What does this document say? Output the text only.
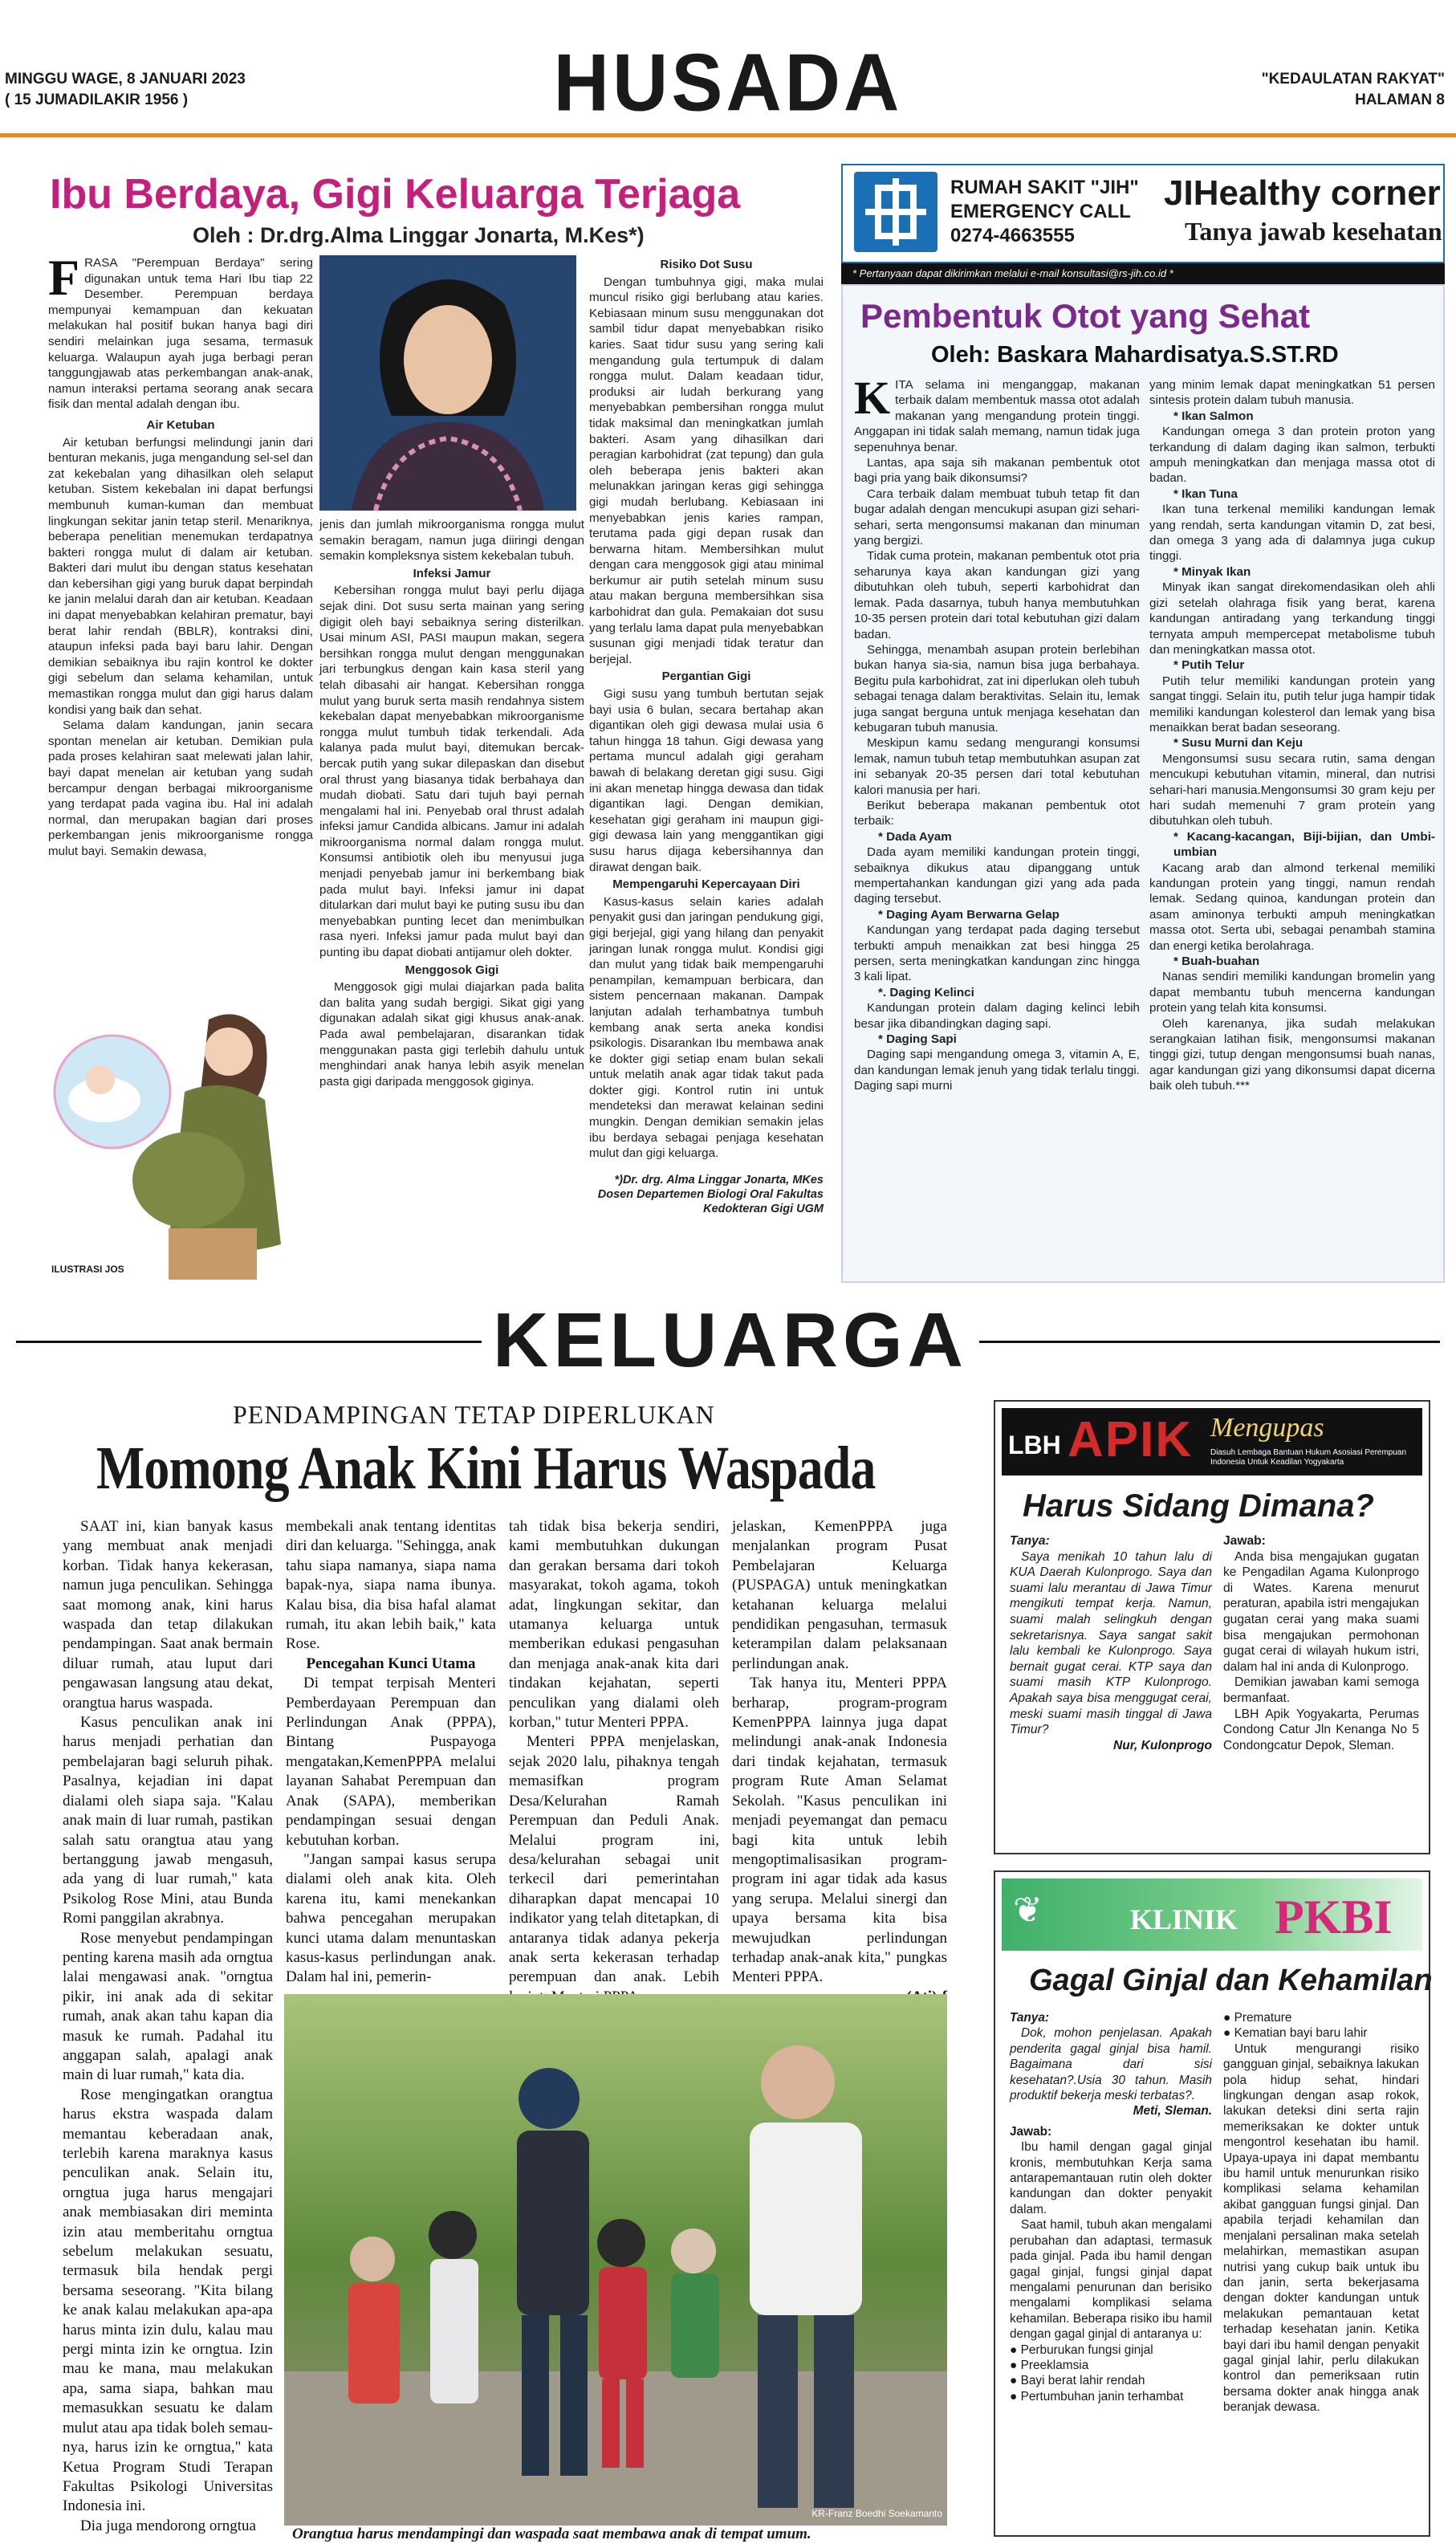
MINGGU WAGE, 8 JANUARI 2023
( 15 JUMADILAKIR 1956 )	HUSADA	"KEDAULATAN RAKYAT"
HALAMAN 8
Ibu Berdaya, Gigi Keluarga Terjaga
Oleh : Dr.drg.Alma Linggar Jonarta, M.Kes*)
F RASA "Perempuan Berdaya" sering digunakan untuk tema Hari Ibu tiap 22 Desember. Perempuan berdaya mempunyai kemampuan dan kekuatan melakukan hal positif bukan hanya bagi diri sendiri melainkan juga sesama, termasuk keluarga. Walaupun ayah juga berbagi peran tanggungjawab atas perkembangan anak-anak, namun interaksi pertama seorang anak secara fisik dan mental adalah dengan ibu.

Air Ketuban

Air ketuban berfungsi melindungi janin dari benturan mekanis, juga mengandung sel-sel dan zat kekebalan yang dihasilkan oleh selaput ketuban. Sistem kekebalan ini dapat berfungsi membunuh kuman-kuman dan membuat lingkungan sekitar janin tetap steril. Menariknya, beberapa penelitian menemukan terdapatnya bakteri rongga mulut di dalam air ketuban. Bakteri dari mulut ibu dengan status kesehatan dan kebersihan gigi yang buruk dapat berpindah ke janin melalui darah dan air ketuban. Keadaan ini dapat menyebabkan kelahiran prematur, bayi berat lahir rendah (BBLR), kontraksi dini, ataupun infeksi pada bayi baru lahir. Dengan demikian sebaiknya ibu rajin kontrol ke dokter gigi sebelum dan selama kehamilan, untuk memastikan rongga mulut dan gigi harus dalam kondisi yang baik dan sehat.

Selama dalam kandungan, janin secara spontan menelan air ketuban. Demikian pula pada proses kelahiran saat melewati jalan lahir, bayi dapat menelan air ketuban yang sudah bercampur dengan berbagai mikroorganisme yang terdapat pada vagina ibu. Hal ini adalah normal, dan merupakan bagian dari proses perkembangan jenis mikroorganisme rongga mulut bayi. Semakin dewasa,

ILUSTRASI JOS

jenis dan jumlah mikroorganisma rongga mulut semakin beragam, namun juga diiringi dengan semakin kompleksnya sistem kekebalan tubuh.

Infeksi Jamur

Kebersihan rongga mulut bayi perlu dijaga sejak dini. Dot susu serta mainan yang sering digigit oleh bayi sebaiknya sering disterilkan. Usai minum ASI, PASI maupun makan, segera bersihkan rongga mulut dengan menggunakan jari terbungkus dengan kain kasa steril yang telah dibasahi air hangat. Kebersihan rongga mulut yang buruk serta masih rendahnya sistem kekebalan dapat menyebabkan mikroorganisme rongga mulut tumbuh tidak terkendali. Ada kalanya pada mulut bayi, ditemukan bercak-bercak putih yang sukar dilepaskan dan disebut oral thrust yang biasanya tidak berbahaya dan mudah diobati. Satu dari tujuh bayi pernah mengalami hal ini. Penyebab oral thrust adalah infeksi jamur Candida albicans. Jamur ini adalah mikroorganisma normal dalam rongga mulut. Konsumsi antibiotik oleh ibu menyusui juga menjadi penyebab jamur ini berkembang biak pada mulut bayi. Infeksi jamur ini dapat ditularkan dari mulut bayi ke puting susu ibu dan menyebabkan punting lecet dan menimbulkan rasa nyeri. Infeksi jamur pada mulut bayi dan punting ibu dapat diobati antijamur oleh dokter.

Menggosok Gigi

Menggosok gigi mulai diajarkan pada balita dan balita yang sudah bergigi. Sikat gigi yang digunakan adalah sikat gigi khusus anak-anak. Pada awal pembelajaran, disarankan tidak menggunakan pasta gigi terlebih dahulu untuk menghindari anak hanya lebih asyik menelan pasta gigi daripada menggosok giginya.

Risiko Dot Susu

Dengan tumbuhnya gigi, maka mulai muncul risiko gigi berlubang atau karies. Kebiasaan minum susu menggunakan dot sambil tidur dapat menyebabkan risiko karies. Saat tidur susu yang sering kali mengandung gula tertumpuk di dalam rongga mulut. Dalam keadaan tidur, produksi air ludah berkurang yang menyebabkan pembersihan rongga mulut tidak maksimal dan meningkatkan jumlah bakteri. Asam yang dihasilkan dari peragian karbohidrat (zat tepung) dan gula oleh beberapa jenis bakteri akan melunakkan jaringan keras gigi sehingga gigi mudah berlubang. Kebiasaan ini menyebabkan jenis karies rampan, terutama pada gigi depan rusak dan berwarna hitam. Membersihkan mulut dengan cara menggosok gigi atau minimal berkumur air putih setelah minum susu atau makan berguna membersihkan sisa karbohidrat dan gula. Pemakaian dot susu yang terlalu lama dapat pula menyebabkan susunan gigi menjadi tidak teratur dan berjejal.

Pergantian Gigi

Gigi susu yang tumbuh bertutan sejak bayi usia 6 bulan, secara bertahap akan digantikan oleh gigi dewasa mulai usia 6 tahun hingga 18 tahun. Gigi dewasa yang pertama muncul adalah gigi geraham bawah di belakang deretan gigi susu. Gigi ini akan menetap hingga dewasa dan tidak digantikan lagi. Dengan demikian, kesehatan gigi geraham ini maupun gigi-gigi dewasa lain yang menggantikan gigi susu harus dijaga kebersihannya dan dirawat dengan baik.

Mempengaruhi Kepercayaan Diri

Kasus-kasus selain karies adalah penyakit gusi dan jaringan pendukung gigi, gigi berjejal, gigi yang hilang dan penyakit jaringan lunak rongga mulut. Kondisi gigi dan mulut yang tidak baik mempengaruhi penampilan, kemampuan berbicara, dan sistem pencernaan makanan. Dampak lanjutan adalah terhambatnya tumbuh kembang anak serta aneka kondisi psikologis. Disarankan Ibu membawa anak ke dokter gigi setiap enam bulan sekali untuk melatih anak agar tidak takut pada dokter gigi. Kontrol rutin ini untuk mendeteksi dan merawat kelainan sedini mungkin. Dengan demikian semakin jelas ibu berdaya sebagai penjaga kesehatan mulut dan gigi keluarga.

*)Dr. drg. Alma Linggar Jonarta, MKes Dosen Departemen Biologi Oral Fakultas Kedokteran Gigi UGM

RUMAH SAKIT "JIH"
EMERGENCY CALL
0274-4663555
JIHealthy corner
Tanya jawab kesehatan
* Pertanyaan dapat dikirimkan melalui e-mail konsultasi@rs-jih.co.id *
Pembentuk Otot yang Sehat
Oleh: Baskara Mahardisatya.S.ST.RD
K ITA selama ini menganggap, makanan terbaik dalam membentuk massa otot adalah makanan yang mengandung protein tinggi. Anggapan ini tidak salah memang, namun tidak juga sepenuhnya benar.

Lantas, apa saja sih makanan pembentuk otot bagi pria yang baik dikonsumsi?

Cara terbaik dalam membuat tubuh tetap fit dan bugar adalah dengan mencukupi asupan gizi sehari-sehari, serta mengonsumsi makanan dan minuman yang bergizi.

Tidak cuma protein, makanan pembentuk otot pria seharunya kaya akan kandungan gizi yang dibutuhkan oleh tubuh, seperti karbohidrat dan lemak. Pada dasarnya, tubuh hanya membutuhkan 10-35 persen protein dari total kebutuhan gizi dalam badan.

Sehingga, menambah asupan protein berlebihan bukan hanya sia-sia, namun bisa juga berbahaya. Begitu pula karbohidrat, zat ini diperlukan oleh tubuh sebagai tenaga dalam beraktivitas. Selain itu, lemak juga sangat berguna untuk menjaga kesehatan dan kebugaran tubuh manusia.

Meskipun kamu sedang mengurangi konsumsi lemak, namun tubuh tetap membutuhkan asupan zat ini sebanyak 20-35 persen dari total kebutuhan kalori manusia per hari.

Berikut beberapa makanan pembentuk otot terbaik:

* Dada Ayam

Dada ayam memiliki kandungan protein tinggi, sebaiknya dikukus atau dipanggang untuk mempertahankan kandungan gizi yang ada pada daging tersebut.

* Daging Ayam Berwarna Gelap

Kandungan yang terdapat pada daging tersebut terbukti ampuh menaikkan zat besi hingga 25 persen, serta meningkatkan kandungan zinc hingga 3 kali lipat.

*. Daging Kelinci

Kandungan protein dalam daging kelinci lebih besar jika dibandingkan daging sapi.

* Daging Sapi

Daging sapi mengandung omega 3, vitamin A, E, dan kandungan lemak jenuh yang tidak terlalu tinggi. Daging sapi murni

yang minim lemak dapat meningkatkan 51 persen sintesis protein dalam tubuh manusia.

* Ikan Salmon

Kandungan omega 3 dan protein proton yang terkandung di dalam daging ikan salmon, terbukti ampuh meningkatkan dan menjaga massa otot di badan.

* Ikan Tuna

Ikan tuna terkenal memiliki kandungan lemak yang rendah, serta kandungan vitamin D, zat besi, dan omega 3 yang ada di dalamnya juga cukup tinggi.

* Minyak Ikan

Minyak ikan sangat direkomendasikan oleh ahli gizi setelah olahraga fisik yang berat, karena kandungan antiradang yang terkandung tinggi ternyata ampuh mempercepat metabolisme tubuh dan meningkatkan massa otot.

* Putih Telur

Putih telur memiliki kandungan protein yang sangat tinggi. Selain itu, putih telur juga hampir tidak memiliki kandungan kolesterol dan lemak yang bisa menaikkan berat badan seseorang.

* Susu Murni dan Keju

Mengonsumsi susu secara rutin, sama dengan mencukupi kebutuhan vitamin, mineral, dan nutrisi sehari-hari manusia.Mengonsumsi 30 gram keju per hari sudah memenuhi 7 gram protein yang dibutuhkan oleh tubuh.

* Kacang-kacangan, Biji-bijian, dan Umbi-umbian

Kacang arab dan almond terkenal memiliki kandungan protein yang tinggi, namun rendah lemak. Sedang quinoa, kandungan protein dan asam aminonya terbukti ampuh meningkatkan massa otot. Serta ubi, sebagai penambah stamina dan energi ketika berolahraga.

* Buah-buahan

Nanas sendiri memiliki kandungan bromelin yang dapat membantu tubuh mencerna kandungan protein yang telah kita konsumsi.

Oleh karenanya, jika sudah melakukan serangkaian latihan fisik, mengonsumsi makanan tinggi gizi, tutup dengan mengonsumsi buah nanas, agar kandungan gizi yang dikonsumsi dapat dicerna baik oleh tubuh.***

KELUARGA
PENDAMPINGAN TETAP DIPERLUKAN
Momong Anak Kini Harus Waspada

SAAT ini, kian banyak kasus yang membuat anak menjadi korban. Tidak hanya kekerasan, namun juga penculikan. Sehingga saat momong anak, kini harus waspada dan tetap dilakukan pendampingan. Saat anak bermain diluar rumah, atau luput dari pengawasan langsung atau dekat, orangtua harus waspada.

Kasus penculikan anak ini harus menjadi perhatian dan pembelajaran bagi seluruh pihak. Pasalnya, kejadian ini dapat dialami oleh siapa saja. "Kalau anak main di luar rumah, pastikan salah satu orangtua atau yang bertanggung jawab mengasuh, ada yang di luar rumah," kata Psikolog Rose Mini, atau Bunda Romi panggilan akrabnya.

Rose menyebut pendampingan penting karena masih ada orngtua lalai mengawasi anak. "orngtua pikir, ini anak ada di sekitar rumah, anak akan tahu kapan dia masuk ke rumah. Padahal itu anggapan salah, apalagi anak main di luar rumah," kata dia.

Rose mengingatkan orangtua harus ekstra waspada dalam memantau keberadaan anak, terlebih karena maraknya kasus penculikan anak. Selain itu, orngtua juga harus mengajari anak membiasakan diri meminta izin atau memberitahu orngtua sebelum melakukan sesuatu, termasuk bila hendak pergi bersama seseorang. "Kita bilang ke anak kalau melakukan apa-apa harus minta izin dulu, kalau mau pergi minta izin ke orngtua. Izin mau ke mana, mau melakukan apa, sama siapa, bahkan mau memasukkan sesuatu ke dalam mulut atau apa tidak boleh semau-nya, harus izin ke orngtua," kata Ketua Program Studi Terapan Fakultas Psikologi Universitas Indonesia ini.

Dia juga mendorong orngtua

membekali anak tentang identitas diri dan keluarga. "Sehingga, anak tahu siapa namanya, siapa nama bapak-nya, siapa nama ibunya. Kalau bisa, dia bisa hafal alamat rumah, itu akan lebih baik," kata Rose.

Pencegahan Kunci Utama

Di tempat terpisah Menteri Pemberdayaan Perempuan dan Perlindungan Anak (PPPA), Bintang Puspayoga mengatakan,KemenPPPA melalui layanan Sahabat Perempuan dan Anak (SAPA), memberikan pendampingan sesuai dengan kebutuhan korban.

"Jangan sampai kasus serupa dialami oleh anak kita. Oleh karena itu, kami menekankan bahwa pencegahan merupakan kunci utama dalam menuntaskan kasus-kasus perlindungan anak. Dalam hal ini, pemerin-

tah tidak bisa bekerja sendiri, kami membutuhkan dukungan dan gerakan bersama dari tokoh masyarakat, tokoh agama, tokoh adat, lingkungan sekitar, dan utamanya keluarga untuk memberikan edukasi pengasuhan dan menjaga anak-anak kita dari tindakan kejahatan, seperti penculikan yang dialami oleh korban," tutur Menteri PPPA.

Menteri PPPA menjelaskan, sejak 2020 lalu, pihaknya tengah memasifkan program Desa/Kelurahan Ramah Perempuan dan Peduli Anak. Melalui program ini, desa/kelurahan sebagai unit terkecil dari pemerintahan diharapkan dapat mencapai 10 indikator yang telah ditetapkan, di antaranya tidak adanya pekerja anak serta kekerasan terhadap perempuan dan anak. Lebih

jelaskan, KemenPPPA juga menjalankan program Pusat Pembelajaran Keluarga (PUSPAGA) untuk meningkatkan ketahanan keluarga melalui pendidikan pengasuhan, termasuk keterampilan dalam pelaksanaan perlindungan anak.

Tak hanya itu, Menteri PPPA berharap, program-program KemenPPPA lainnya juga dapat melindungi anak-anak Indonesia dari tindak kejahatan, termasuk program Rute Aman Selamat Sekolah. "Kasus penculikan ini menjadi peyemangat dan pemacu bagi kita untuk lebih mengoptimalisasikan program-program ini agar tidak ada kasus yang serupa. Melalui sinergi dan upaya bersama kita bisa mewujudkan perlindungan terhadap anak-anak kita," pungkas Menteri PPPA.

KR-Franz Boedhi Soekamanto
Orangtua harus mendampingi dan waspada saat membawa anak di tempat umum.
LBH APIK Mengupas
Diasuh Lembaga Bantuan Hukum Asosiasi Perempuan Indonesia Untuk Keadilan Yogyakarta
Harus Sidang Dimana?

Tanya:

Saya menikah 10 tahun lalu di KUA Daerah Kulonprogo. Saya dan suami lalu merantau di Jawa Timur mengikuti tempat kerja. Namun, suami malah selingkuh dengan sekretarisnya. Saya sangat sakit lalu kembali ke Kulonprogo. Saya bernait gugat cerai. KTP saya dan suami masih KTP Kulonprogo. Apakah saya bisa menggugat cerai, meski suami masih tinggal di Jawa Timur?

Nur, Kulonprogo

Jawab:

Anda bisa mengajukan gugatan ke Pengadilan Agama Kulonprogo di Wates. Karena menurut peraturan, apabila istri mengajukan gugatan cerai yang maka suami bisa mengajukan permohonan gugat cerai di wilayah hukum istri, dalam hal ini anda di Kulonprogo.

Demikian jawaban kami semoga bermanfaat.

LBH Apik Yogyakarta, Perumas Condong Catur Jln Kenanga No 5 Condongcatur Depok, Sleman.

❦	KLINIK PKBI
Gagal Ginjal dan Kehamilan

Tanya:

Dok, mohon penjelasan. Apakah penderita gagal ginjal bisa hamil. Bagaimana dari sisi kesehatan?.Usia 30 tahun. Masih produktif bekerja meski terbatas?.

Meti, Sleman.

Jawab:

Ibu hamil dengan gagal ginjal kronis, membutuhkan Kerja sama antarapemantauan rutin oleh dokter kandungan dan dokter penyakit dalam.

Saat hamil, tubuh akan mengalami perubahan dan adaptasi, termasuk pada ginjal. Pada ibu hamil dengan gagal ginjal, fungsi ginjal dapat mengalami penurunan dan berisiko mengalami komplikasi selama kehamilan. Beberapa risiko ibu hamil dengan gagal ginjal di antaranya u:

● Perburukan fungsi ginjal

● Preeklamsia

● Bayi berat lahir rendah

● Pertumbuhan janin terhambat

● Premature

● Kematian bayi baru lahir

Untuk mengurangi risiko gangguan ginjal, sebaiknya lakukan pola hidup sehat, hindari lingkungan dengan asap rokok, lakukan deteksi dini serta rajin memeriksakan ke dokter untuk mengontrol kesehatan ibu hamil. Upaya-upaya ini dapat membantu ibu hamil untuk menurunkan risiko komplikasi selama kehamilan akibat gangguan fungsi ginjal. Dan apabila terjadi kehamilan dan menjalani persalinan maka setelah melahirkan, memastikan asupan nutrisi yang cukup baik untuk ibu dan janin, serta bekerjasama dengan dokter kandungan untuk melakukan pemantauan ketat terhadap kesehatan janin. Ketika bayi dari ibu hamil dengan penyakit gagal ginjal lahir, perlu dilakukan kontrol dan pemeriksaan rutin bersama dokter anak hingga anak beranjak dewasa.
